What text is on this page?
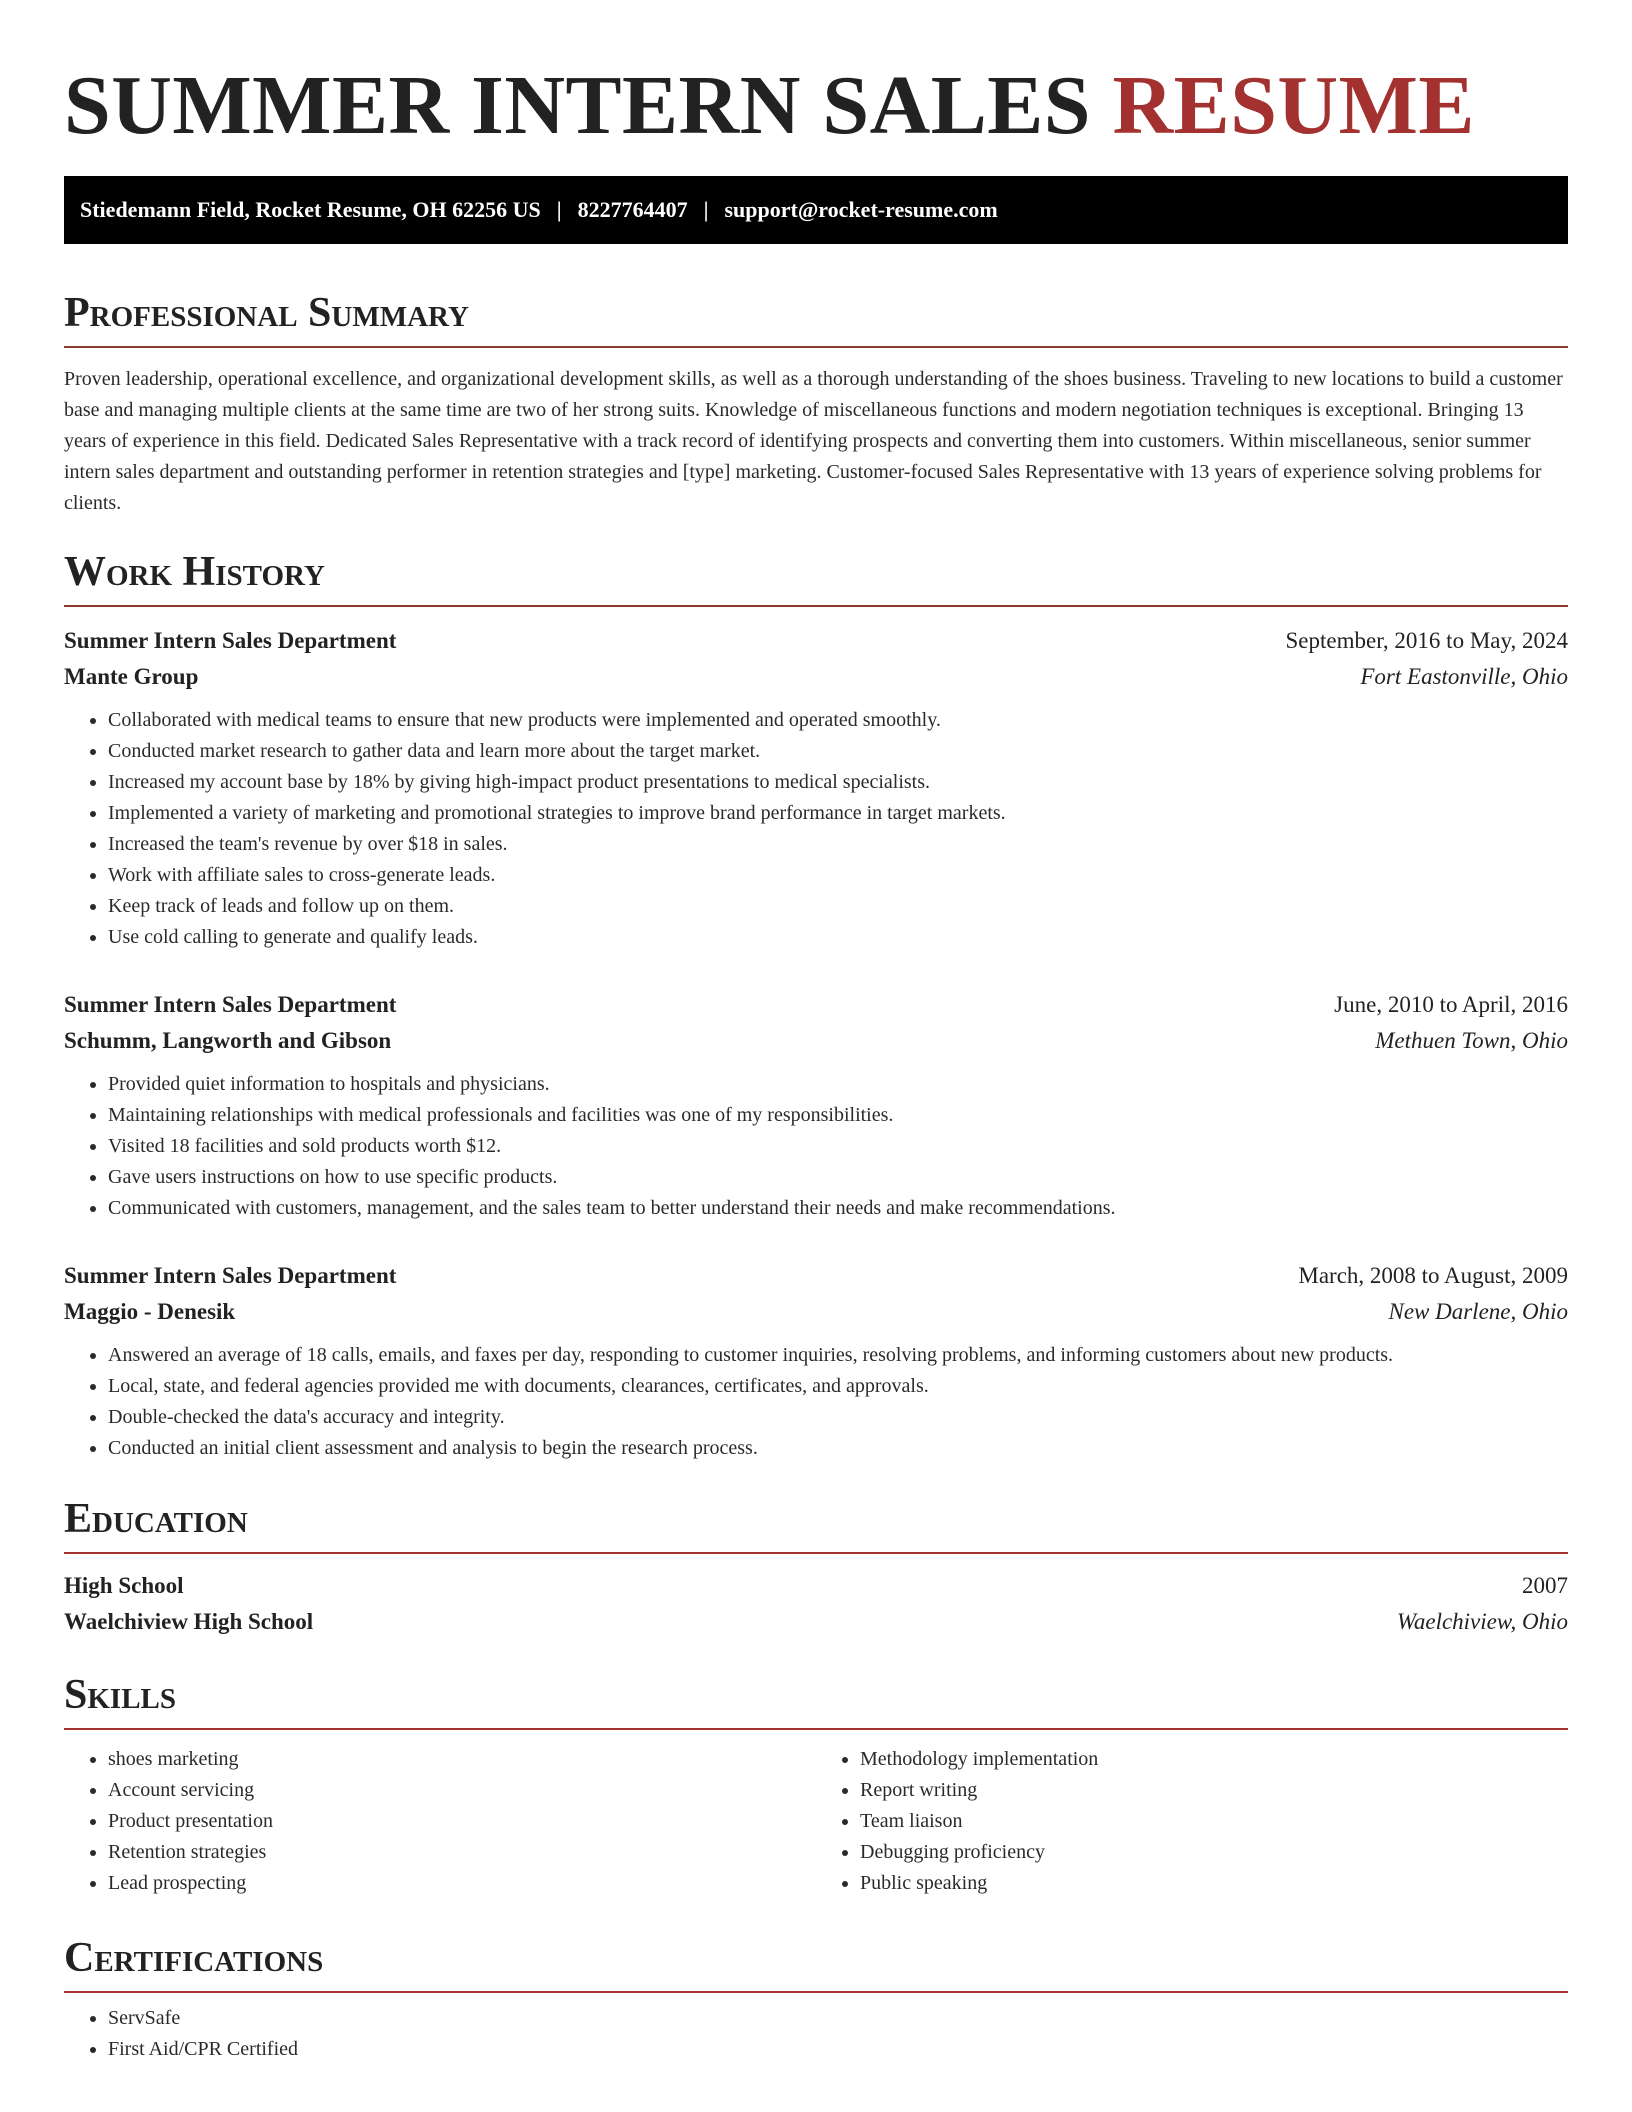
SUMMER INTERN SALES RESUME
Stiedemann Field, Rocket Resume, OH 62256 US | 8227764407 | support@rocket-resume.com
Professional Summary

Proven leadership, operational excellence, and organizational development skills, as well as a thorough understanding of the shoes business. Traveling to new locations to build a customer base and managing multiple clients at the same time are two of her strong suits. Knowledge of miscellaneous functions and modern negotiation techniques is exceptional. Bringing 13 years of experience in this field. Dedicated Sales Representative with a track record of identifying prospects and converting them into customers. Within miscellaneous, senior summer intern sales department and outstanding performer in retention strategies and [type] marketing. Customer-focused Sales Representative with 13 years of experience solving problems for clients.

Work History
Summer Intern Sales Department	September, 2016 to May, 2024
Mante Group	Fort Eastonville, Ohio
• Collaborated with medical teams to ensure that new products were implemented and operated smoothly.
• Conducted market research to gather data and learn more about the target market.
• Increased my account base by 18% by giving high-impact product presentations to medical specialists.
• Implemented a variety of marketing and promotional strategies to improve brand performance in target markets.
• Increased the team's revenue by over $18 in sales.
• Work with affiliate sales to cross-generate leads.
• Keep track of leads and follow up on them.
• Use cold calling to generate and qualify leads.
Summer Intern Sales Department	June, 2010 to April, 2016
Schumm, Langworth and Gibson	Methuen Town, Ohio
• Provided quiet information to hospitals and physicians.
• Maintaining relationships with medical professionals and facilities was one of my responsibilities.
• Visited 18 facilities and sold products worth $12.
• Gave users instructions on how to use specific products.
• Communicated with customers, management, and the sales team to better understand their needs and make recommendations.
Summer Intern Sales Department	March, 2008 to August, 2009
Maggio - Denesik	New Darlene, Ohio
• Answered an average of 18 calls, emails, and faxes per day, responding to customer inquiries, resolving problems, and informing customers about new products.
• Local, state, and federal agencies provided me with documents, clearances, certificates, and approvals.
• Double-checked the data's accuracy and integrity.
• Conducted an initial client assessment and analysis to begin the research process.
Education
High School	2007
Waelchiview High School	Waelchiview, Ohio
Skills
• shoes marketing
• Account servicing
• Product presentation
• Retention strategies
• Lead prospecting
• Methodology implementation
• Report writing
• Team liaison
• Debugging proficiency
• Public speaking
Certifications
• ServSafe
• First Aid/CPR Certified
